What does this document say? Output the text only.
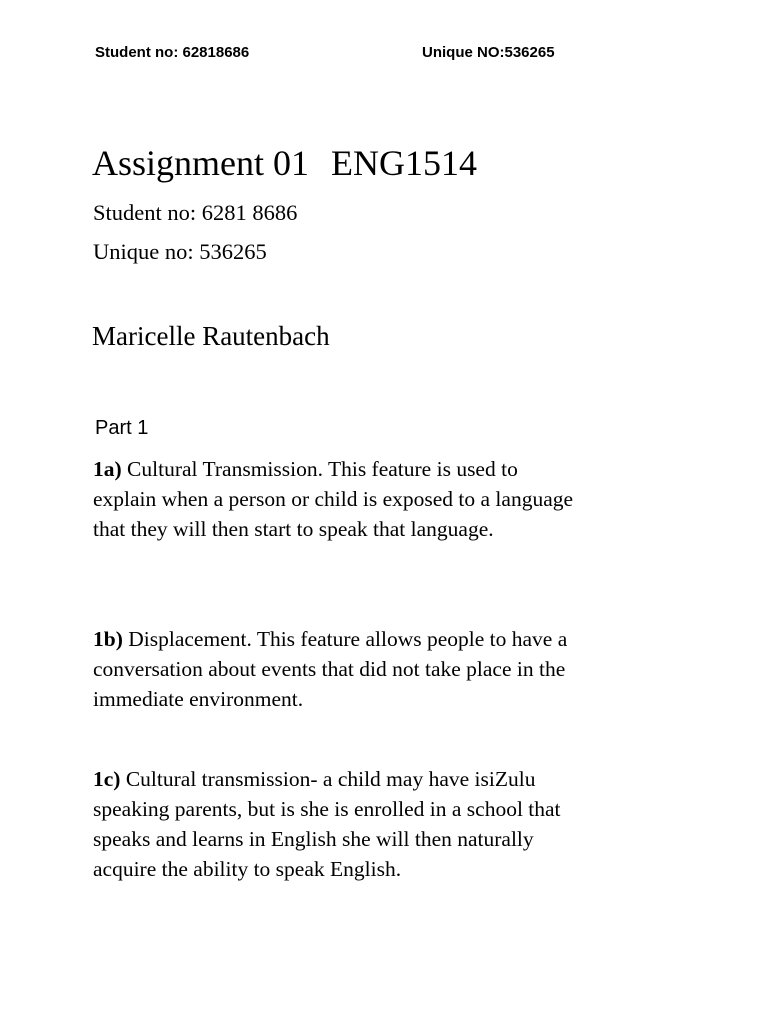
Student no: 62818686	Unique NO:536265
Assignment 01 ENG1514
Student no: 6281 8686
Unique no: 536265
Maricelle Rautenbach
Part 1

1a) Cultural Transmission. This feature is used to explain when a person or child is exposed to a language that they will then start to speak that language.

1b) Displacement. This feature allows people to have a conversation about events that did not take place in the immediate environment.

1c) Cultural transmission- a child may have isiZulu speaking parents, but is she is enrolled in a school that speaks and learns in English she will then naturally acquire the ability to speak English.
